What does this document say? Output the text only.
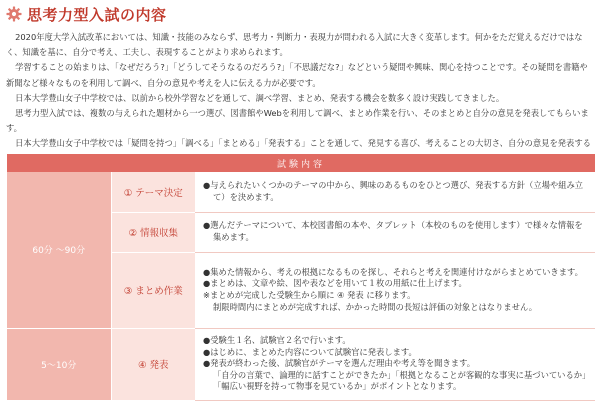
思考力型入試の内容

2020年度大学入試改革においては、知識・技能のみならず、思考力・判断力・表現力が問われる入試に大きく変革します。何かをただ覚えるだけではなく、知識を基に、自分で考え、工夫し、表現することがより求められます。

学習することの始まりは、「なぜだろう?」「どうしてそうなるのだろう?」「不思議だな?」などという疑問や興味、関心を持つことです。その疑問を書籍や新聞など様々なものを利用して調べ、自分の意見や考えを人に伝える力が必要です。

日本大学豊山女子中学校では、以前から校外学習などを通して、調べ学習、まとめ、発表する機会を数多く設け実践してきました。

思考力型入試では、複数の与えられた題材から一つ選び、図書館やWebを利用して調べ、まとめ作業を行い、そのまとめと自分の意見を発表してもらいます。

日本大学豊山女子中学校では「疑問を持つ」「調べる」「まとめる」「発表する」ことを通して、発見する喜び、考えることの大切さ、自分の意見を発表する

試験内容		
60分 〜90分	① テーマ決定	●与えられたいくつかのテーマの中から、興味のあるものをひとつ選び、発表する方針（立場や組み立て）を決めます。

	② 情報収集	●選んだテーマについて、本校図書館の本や、タブレット（本校のものを使用します）で様々な情報を集めます。

	③ まとめ作業	●集めた情報から、考えの根拠になるものを探し、それらと考えを関連付けながらまとめていきます。
●まとめは、文章や絵、図や表などを用いて１枚の用紙に仕上げます。
※まとめが完成した受験生から順に ④ 発表 に移ります。
制限時間内にまとめが完成すれば、かかった時間の長短は評価の対象とはなりません。

5〜10分	④ 発表	●受験生１名、試験官２名で行います。
●はじめに、まとめた内容について試験官に発表します。
●発表が終わった後、試験官がテーマを選んだ理由や考え等を聞きます。
「自分の言葉で、論理的に話すことができたか」「根拠となることが客観的な事実に基づいているか」「幅広い視野を持って物事を見ているか」がポイントとなります。
